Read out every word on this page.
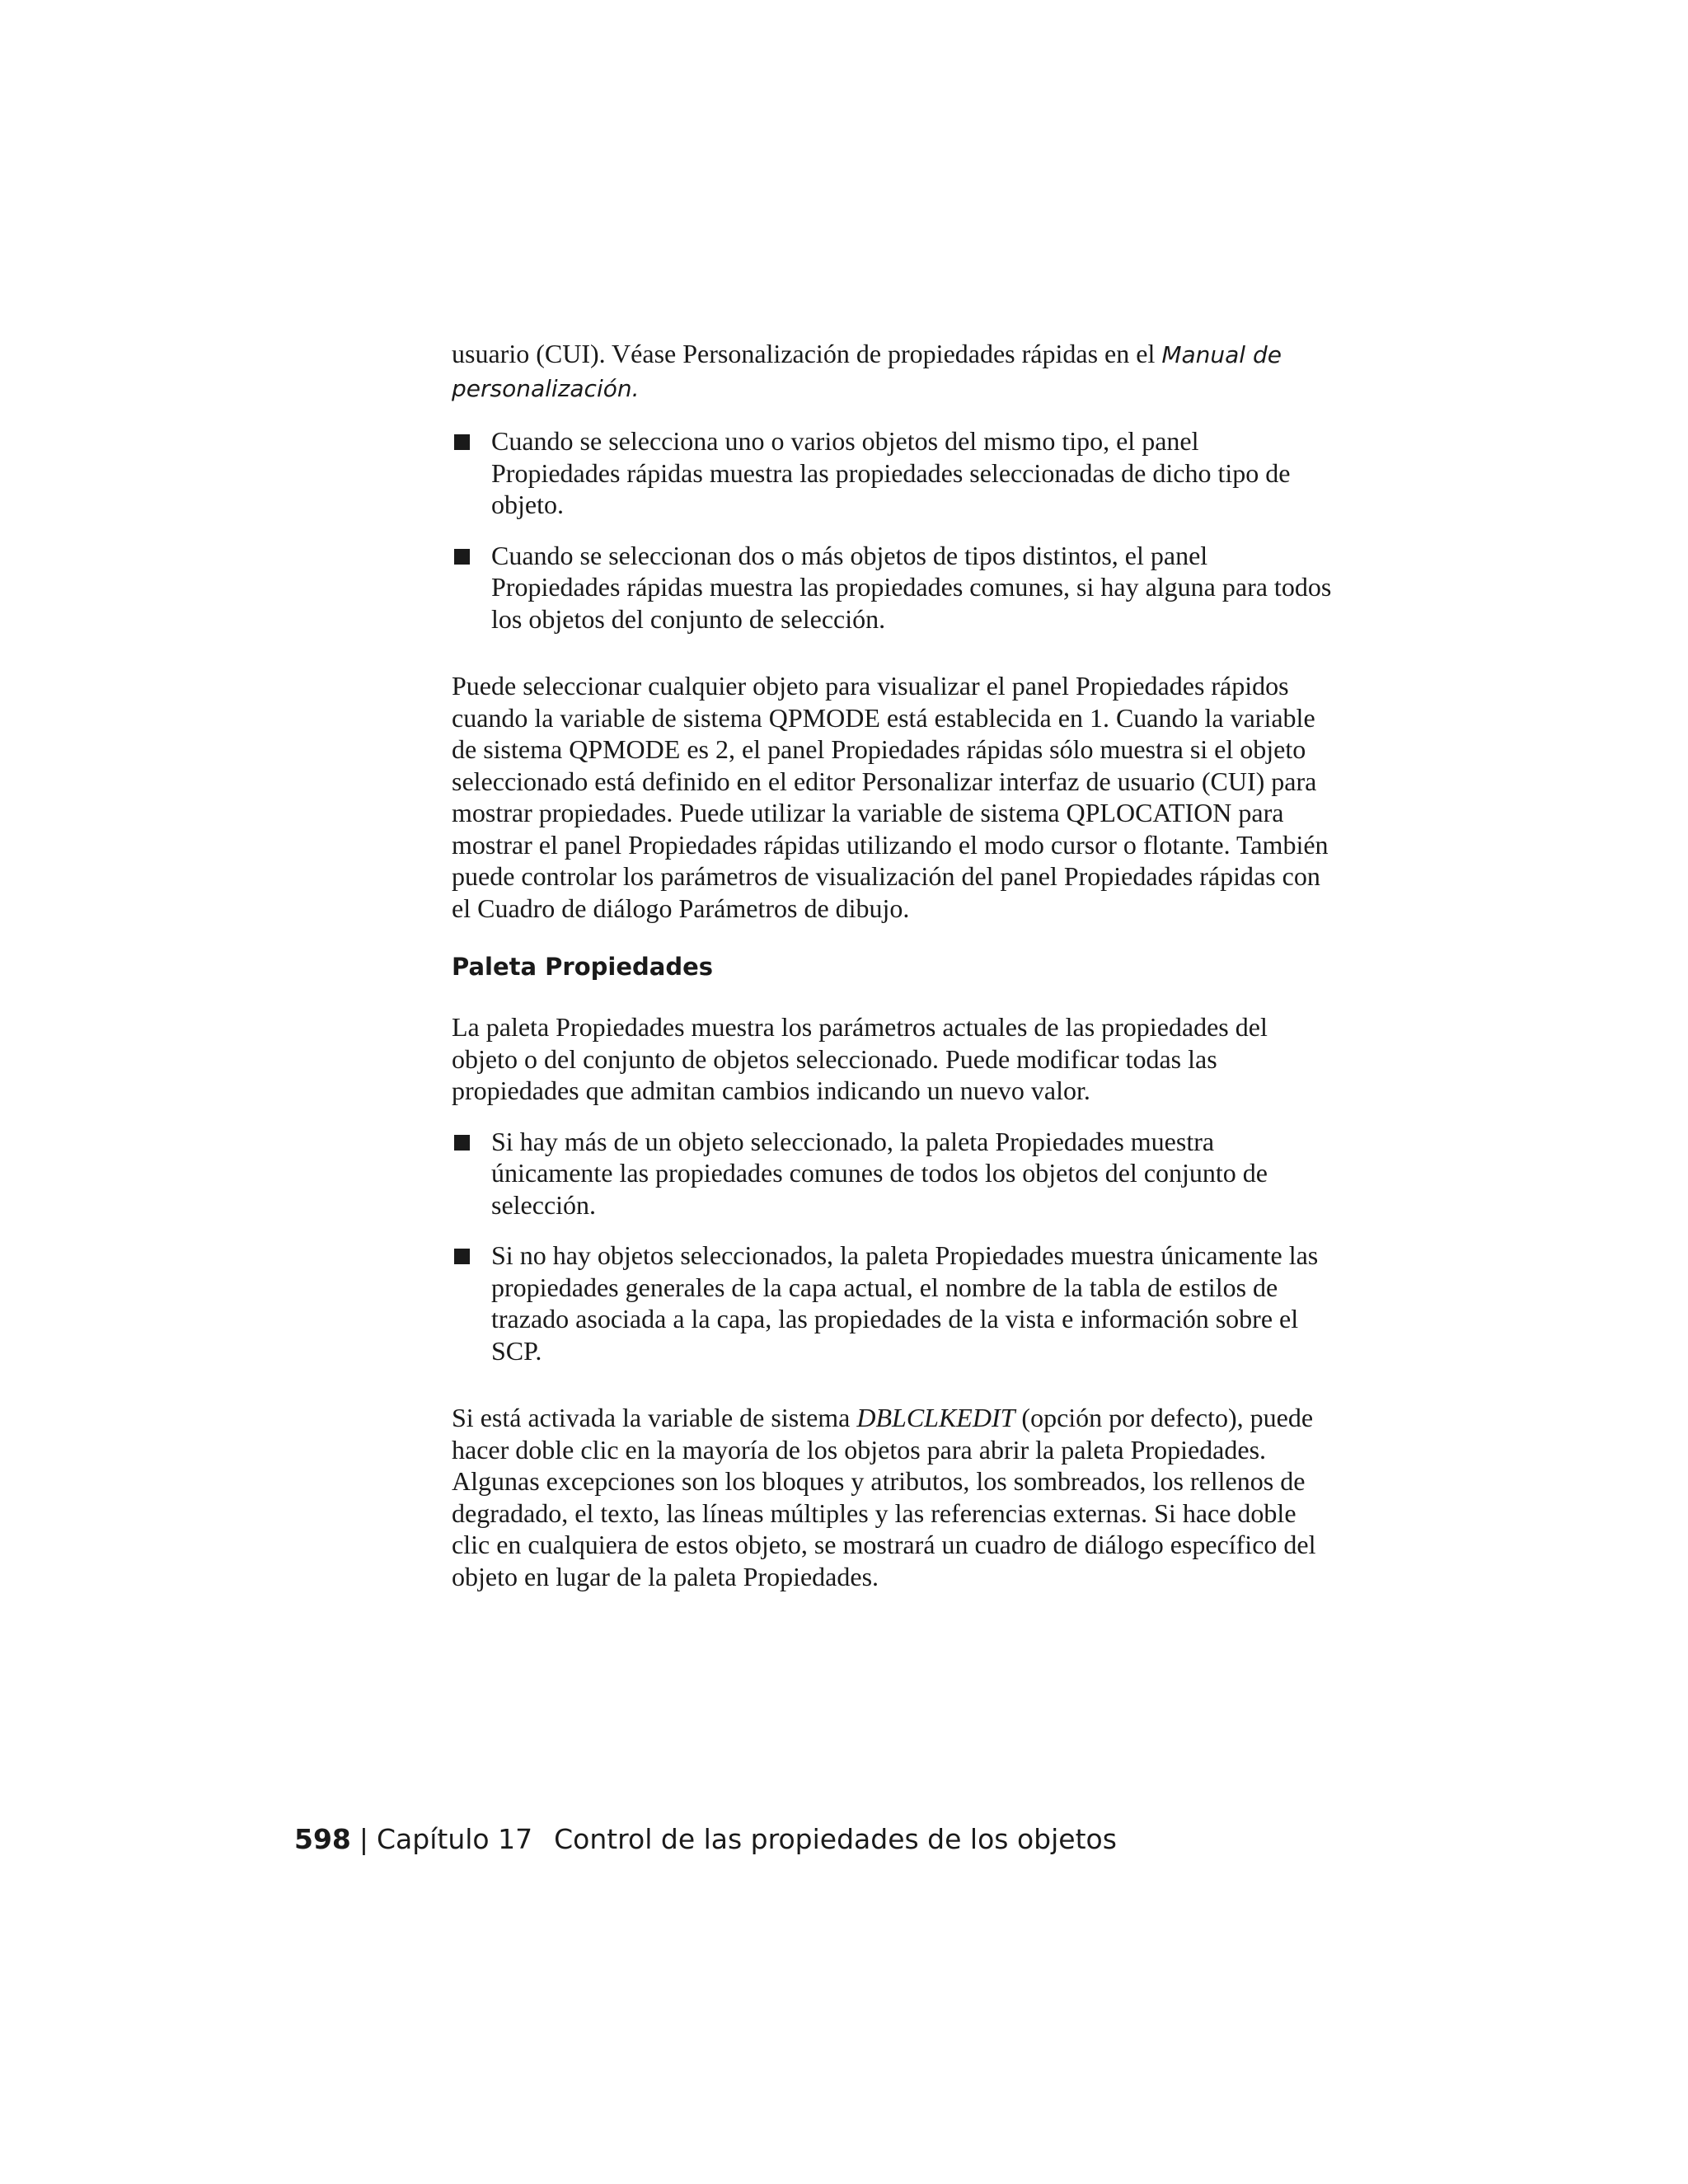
usuario (CUI). Véase Personalización de propiedades rápidas en el Manual de personalización.

Cuando se selecciona uno o varios objetos del mismo tipo, el panel Propiedades rápidas muestra las propiedades seleccionadas de dicho tipo de objeto.
Cuando se seleccionan dos o más objetos de tipos distintos, el panel Propiedades rápidas muestra las propiedades comunes, si hay alguna para todos los objetos del conjunto de selección.

Puede seleccionar cualquier objeto para visualizar el panel Propiedades rápidos cuando la variable de sistema QPMODE está establecida en 1. Cuando la variable de sistema QPMODE es 2, el panel Propiedades rápidas sólo muestra si el objeto seleccionado está definido en el editor Personalizar interfaz de usuario (CUI) para mostrar propiedades. Puede utilizar la variable de sistema QPLOCATION para mostrar el panel Propiedades rápidas utilizando el modo cursor o flotante. También puede controlar los parámetros de visualización del panel Propiedades rápidas con el Cuadro de diálogo Parámetros de dibujo.

Paleta Propiedades

La paleta Propiedades muestra los parámetros actuales de las propiedades del objeto o del conjunto de objetos seleccionado. Puede modificar todas las propiedades que admitan cambios indicando un nuevo valor.

Si hay más de un objeto seleccionado, la paleta Propiedades muestra únicamente las propiedades comunes de todos los objetos del conjunto de selección.
Si no hay objetos seleccionados, la paleta Propiedades muestra únicamente las propiedades generales de la capa actual, el nombre de la tabla de estilos de trazado asociada a la capa, las propiedades de la vista e información sobre el SCP.

Si está activada la variable de sistema DBLCLKEDIT (opción por defecto), puede hacer doble clic en la mayoría de los objetos para abrir la paleta Propiedades. Algunas excepciones son los bloques y atributos, los sombreados, los rellenos de degradado, el texto, las líneas múltiples y las referencias externas. Si hace doble clic en cualquiera de estos objeto, se mostrará un cuadro de diálogo específico del objeto en lugar de la paleta Propiedades.

598 | Capítulo 17 Control de las propiedades de los objetos
